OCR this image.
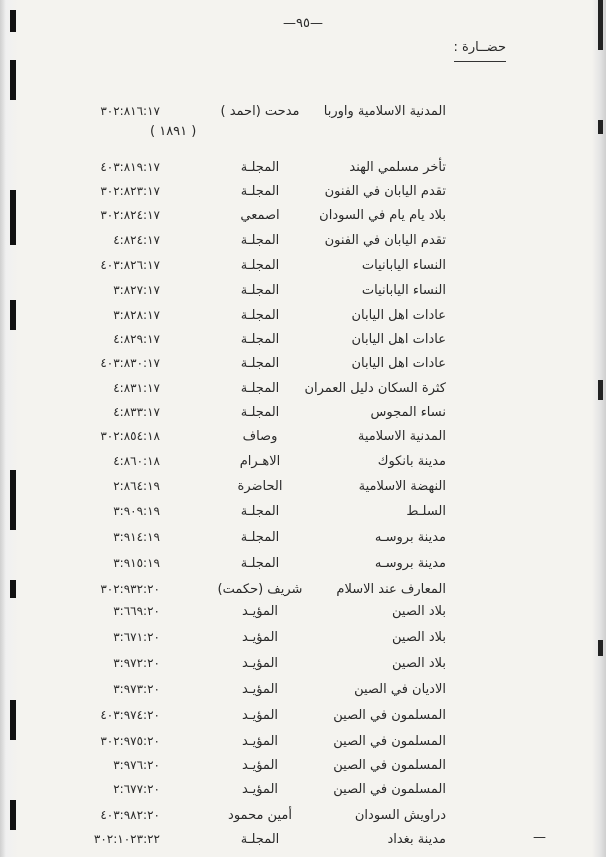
—٩٥—
حضــارة :
المدنية الاسلامية واوربا
مدحت (احمد )
٣٠٢:٨١٦:١٧
( ١٨٩١ )
تأخر مسلمي الهند
المجلـة
٤٠٣:٨١٩:١٧
تقدم اليابان في الفنون
المجلـة
٣٠٢:٨٢٣:١٧
بلاد يام يام في السودان
اصمعي
٣٠٢:٨٢٤:١٧
تقدم اليابان في الفنون
المجلـة
٤:٨٢٤:١٧
النساء اليابانيات
المجلـة
٤٠٣:٨٢٦:١٧
النساء اليابانيات
المجلـة
٣:٨٢٧:١٧
عادات اهل اليابان
المجلـة
٣:٨٢٨:١٧
عادات اهل اليابان
المجلـة
٤:٨٢٩:١٧
عادات اهل اليابان
المجلـة
٤٠٣:٨٣٠:١٧
كثرة السكان دليل العمران
المجلـة
٤:٨٣١:١٧
نساء المجوس
المجلـة
٤:٨٣٣:١٧
المدنية الاسلامية
وصاف
٣٠٢:٨٥٤:١٨
مدينة بانكوك
الاهـرام
٤:٨٦٠:١٨
النهضة الاسلامية
الحاضرة
٢:٨٦٤:١٩
السلـط
المجلـة
٣:٩٠٩:١٩
مدينة بروسـه
المجلـة
٣:٩١٤:١٩
مدينة بروسـه
المجلـة
٣:٩١٥:١٩
المعارف عند الاسلام
شريف (حكمت)
٣٠٢:٩٣٢:٢٠
بلاد الصين
المؤيـد
٣:٦٦٩:٢٠
بلاد الصين
المؤيـد
٣:٦٧١:٢٠
بلاد الصين
المؤيـد
٣:٩٧٢:٢٠
الاديان في الصين
المؤيـد
٣:٩٧٣:٢٠
المسلمون في الصين
المؤيـد
٤٠٣:٩٧٤:٢٠
المسلمون في الصين
المؤيـد
٣٠٢:٩٧٥:٢٠
المسلمون في الصين
المؤيـد
٣:٩٧٦:٢٠
المسلمون في الصين
المؤيـد
٢:٦٧٧:٢٠
دراويش السودان
أمين محمود
٤٠٣:٩٨٢:٢٠
مدينة بغداد
المجلـة
٣٠٢:١٠٢٣:٢٢	—
